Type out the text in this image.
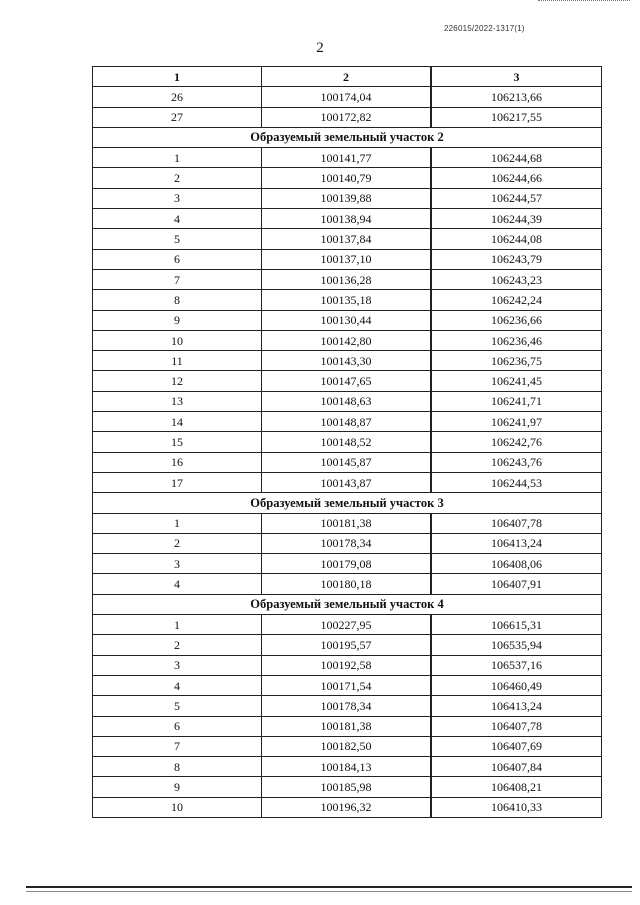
226015/2022-1317(1)
2
1	2	3
26	100174,04	106213,66
27	100172,82	106217,55
Образуемый земельный участок 2		
1	100141,77	106244,68
2	100140,79	106244,66
3	100139,88	106244,57
4	100138,94	106244,39
5	100137,84	106244,08
6	100137,10	106243,79
7	100136,28	106243,23
8	100135,18	106242,24
9	100130,44	106236,66
10	100142,80	106236,46
11	100143,30	106236,75
12	100147,65	106241,45
13	100148,63	106241,71
14	100148,87	106241,97
15	100148,52	106242,76
16	100145,87	106243,76
17	100143,87	106244,53
Образуемый земельный участок 3		
1	100181,38	106407,78
2	100178,34	106413,24
3	100179,08	106408,06
4	100180,18	106407,91
Образуемый земельный участок 4		
1	100227,95	106615,31
2	100195,57	106535,94
3	100192,58	106537,16
4	100171,54	106460,49
5	100178,34	106413,24
6	100181,38	106407,78
7	100182,50	106407,69
8	100184,13	106407,84
9	100185,98	106408,21
10	100196,32	106410,33
